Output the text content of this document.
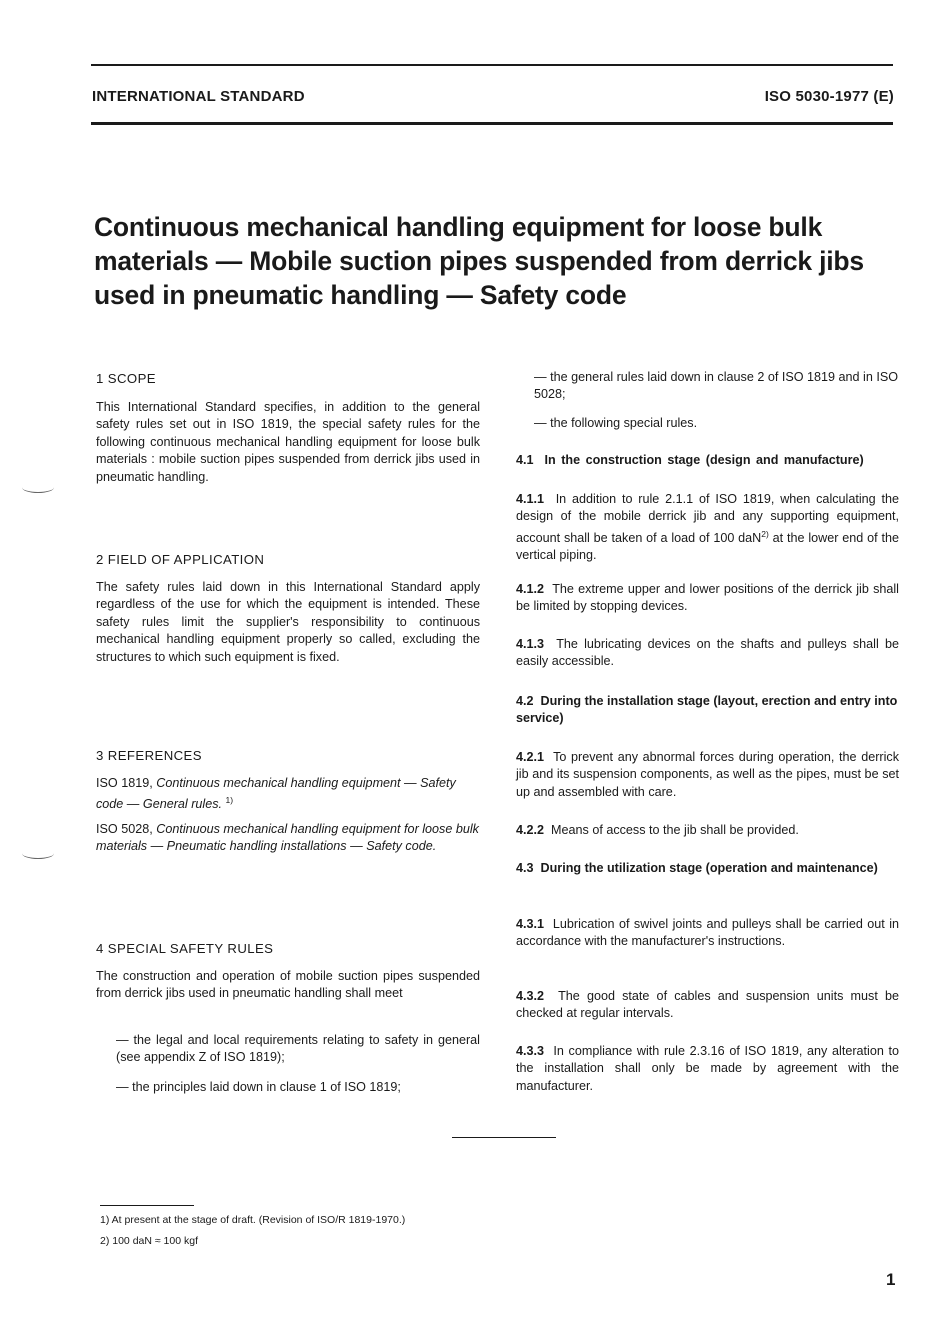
INTERNATIONAL STANDARD	ISO 5030-1977 (E)
Continuous mechanical handling equipment for loose bulk materials — Mobile suction pipes suspended from derrick jibs used in pneumatic handling — Safety code
1 SCOPE

This International Standard specifies, in addition to the general safety rules set out in ISO 1819, the special safety rules for the following continuous mechanical handling equipment for loose bulk materials : mobile suction pipes suspended from derrick jibs used in pneumatic handling.

2 FIELD OF APPLICATION

The safety rules laid down in this International Standard apply regardless of the use for which the equipment is intended. These safety rules limit the supplier's responsibility to continuous mechanical handling equipment properly so called, excluding the structures to which such equipment is fixed.

3 REFERENCES

ISO 1819, Continuous mechanical handling equipment — Safety code — General rules. $^{1)}$

ISO 5028, Continuous mechanical handling equipment for loose bulk materials — Pneumatic handling installations — Safety code.

4 SPECIAL SAFETY RULES

The construction and operation of mobile suction pipes suspended from derrick jibs used in pneumatic handling shall meet

— the legal and local requirements relating to safety in general (see appendix Z of ISO 1819);

— the principles laid down in clause 1 of ISO 1819;

— the general rules laid down in clause 2 of ISO 1819 and in ISO 5028;

— the following special rules.

4.1 In the construction stage (design and manufacture)

4.1.1 In addition to rule 2.1.1 of ISO 1819, when calculating the design of the mobile derrick jib and any supporting equipment, account shall be taken of a load of 100 daN$^{2)}$ at the lower end of the vertical piping.

4.1.2 The extreme upper and lower positions of the derrick jib shall be limited by stopping devices.

4.1.3 The lubricating devices on the shafts and pulleys shall be easily accessible.

4.2 During the installation stage (layout, erection and entry into service)

4.2.1 To prevent any abnormal forces during operation, the derrick jib and its suspension components, as well as the pipes, must be set up and assembled with care.

4.2.2 Means of access to the jib shall be provided.

4.3 During the utilization stage (operation and maintenance)

4.3.1 Lubrication of swivel joints and pulleys shall be carried out in accordance with the manufacturer's instructions.

4.3.2 The good state of cables and suspension units must be checked at regular intervals.

4.3.3 In compliance with rule 2.3.16 of ISO 1819, any alteration to the installation shall only be made by agreement with the manufacturer.

1) At present at the stage of draft. (Revision of ISO/R 1819-1970.)
2) 100 daN ≈ 100 kgf
1
